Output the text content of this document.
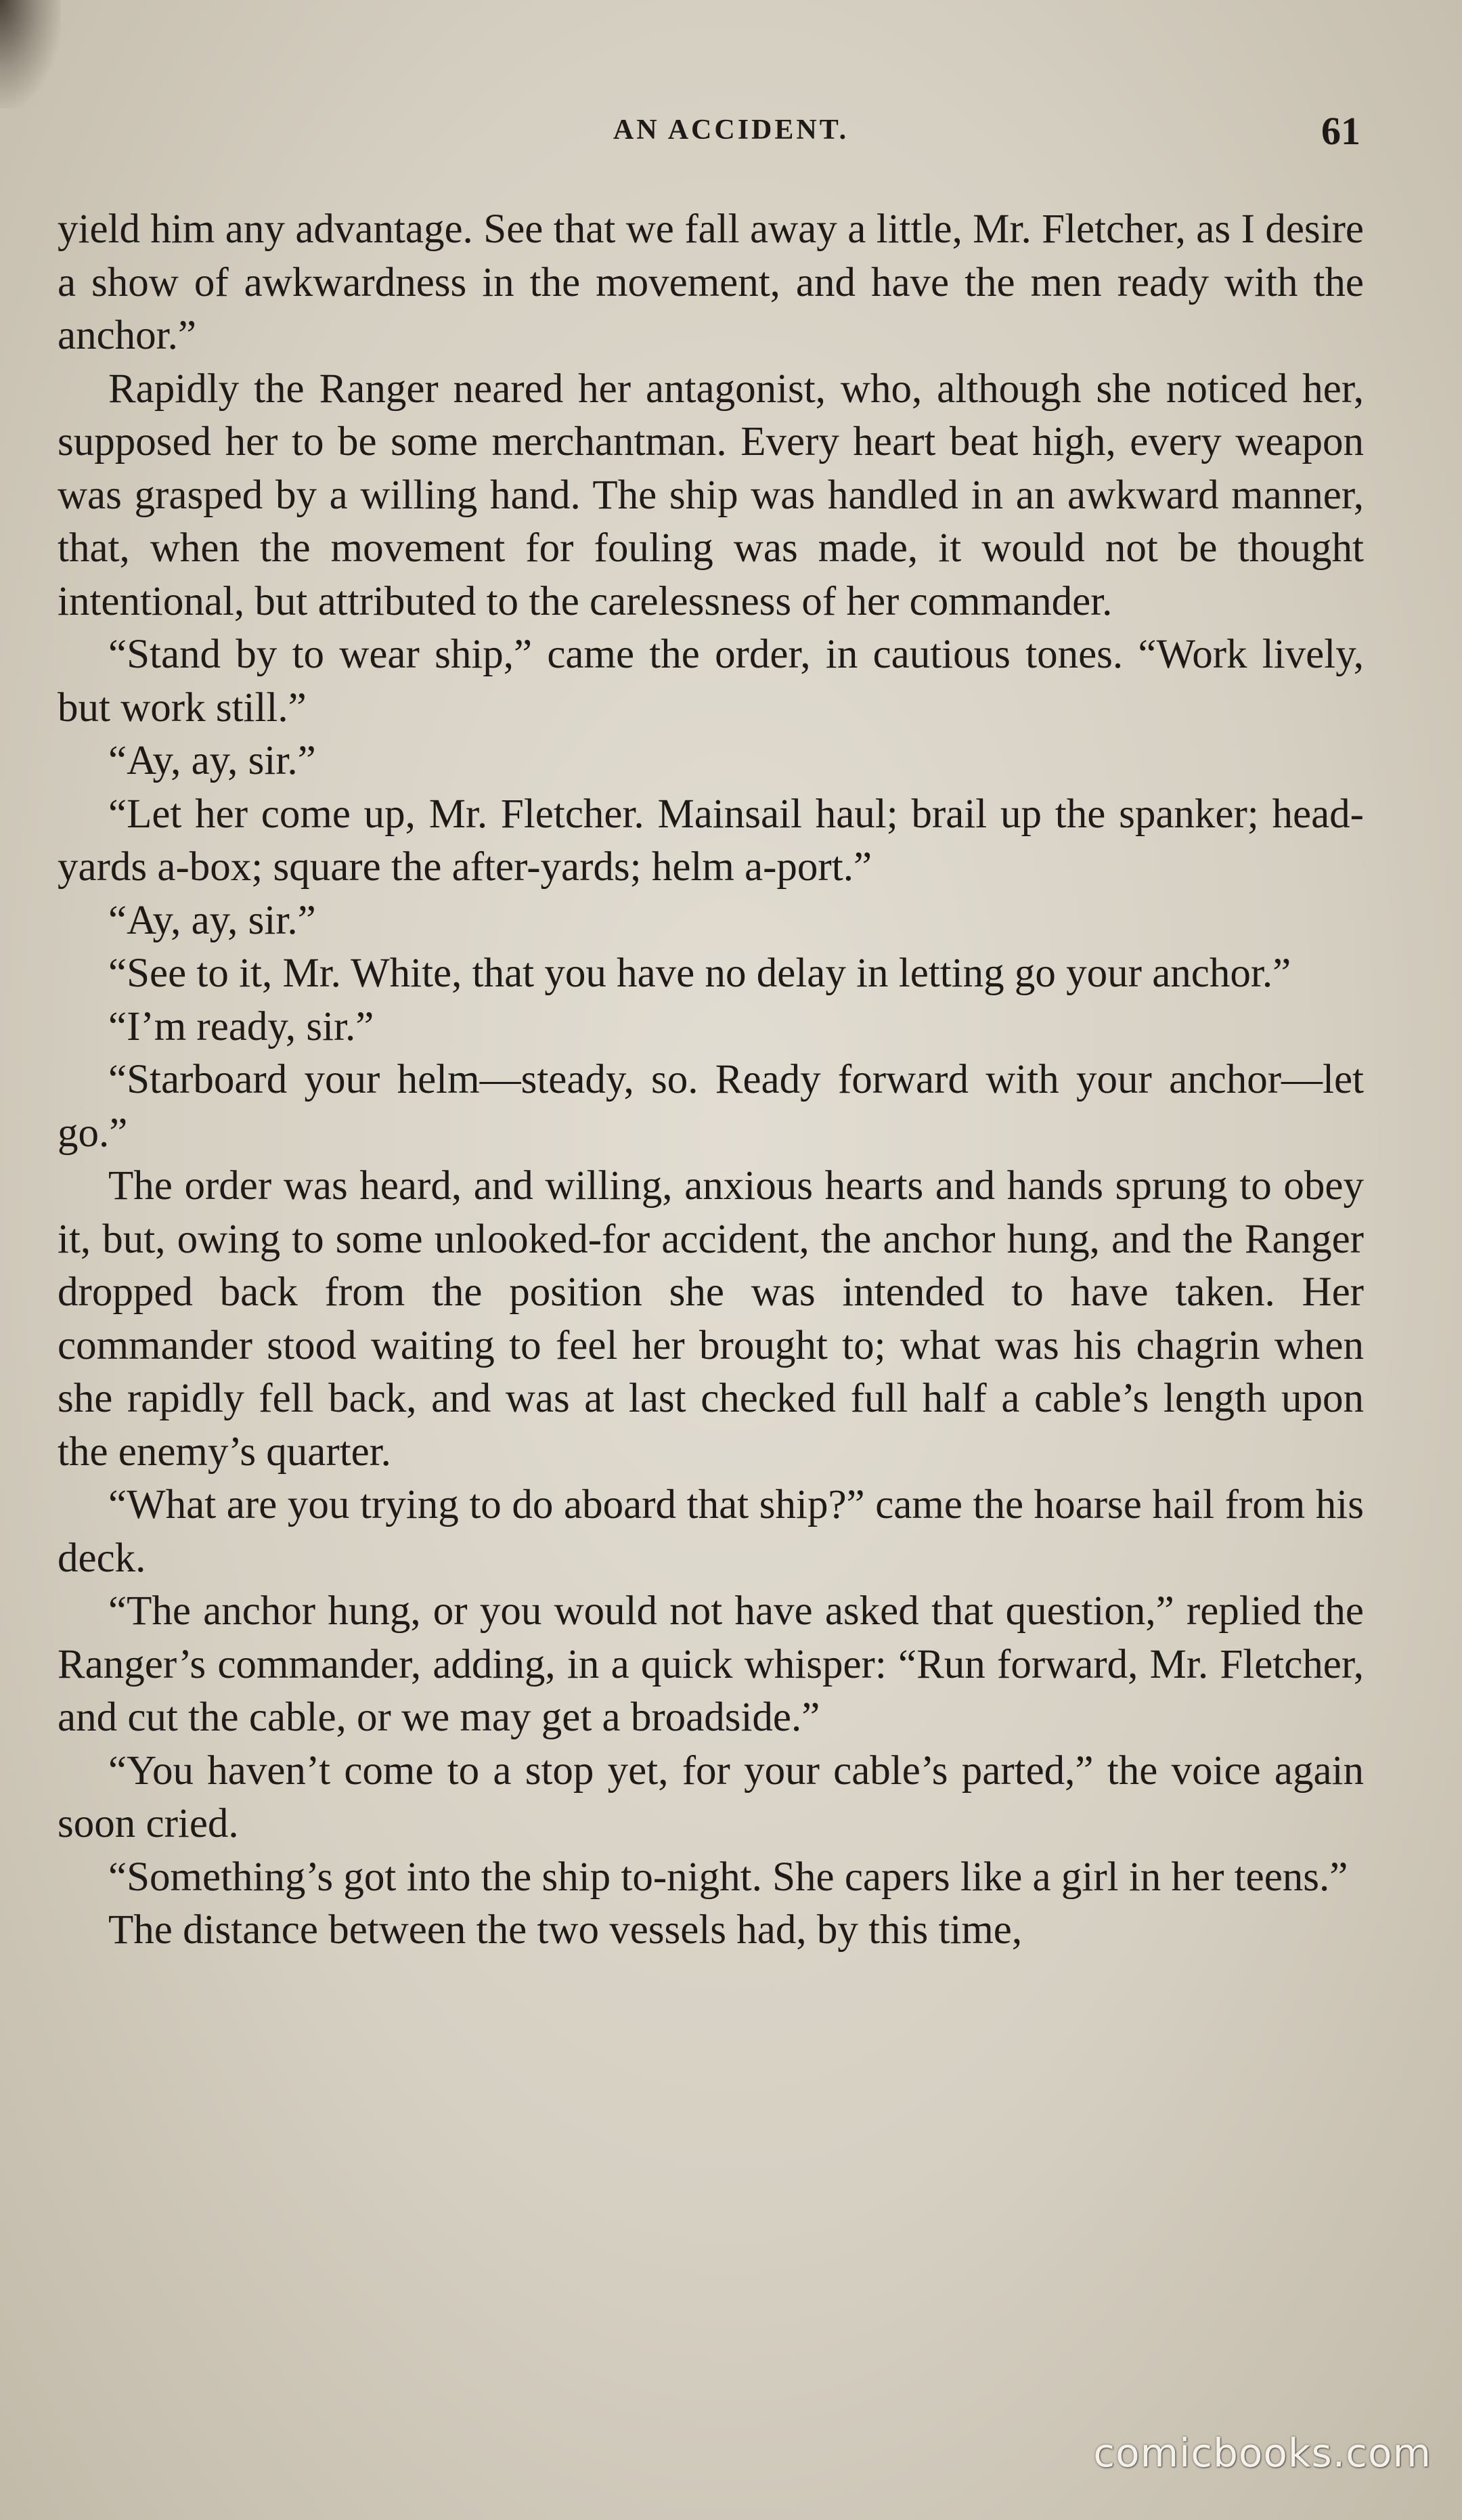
AN ACCIDENT.	61

yield him any advantage. See that we fall away a little, Mr. Fletcher, as I desire a show of awkwardness in the movement, and have the men ready with the anchor.”

Rapidly the Ranger neared her antagonist, who, although she noticed her, supposed her to be some merchantman. Every heart beat high, every weapon was grasped by a willing hand. The ship was handled in an awkward manner, that, when the movement for fouling was made, it would not be thought intentional, but attributed to the carelessness of her commander.

“Stand by to wear ship,” came the order, in cautious tones. “Work lively, but work still.”

“Ay, ay, sir.”

“Let her come up, Mr. Fletcher. Mainsail haul; brail up the spanker; head-yards a-box; square the after-yards; helm a-port.”

“Ay, ay, sir.”

“See to it, Mr. White, that you have no delay in letting go your anchor.”

“I’m ready, sir.”

“Starboard your helm—steady, so. Ready forward with your anchor—let go.”

The order was heard, and willing, anxious hearts and hands sprung to obey it, but, owing to some unlooked-for accident, the anchor hung, and the Ranger dropped back from the position she was intended to have taken. Her commander stood waiting to feel her brought to; what was his chagrin when she rapidly fell back, and was at last checked full half a cable’s length upon the enemy’s quarter.

“What are you trying to do aboard that ship?” came the hoarse hail from his deck.

“The anchor hung, or you would not have asked that question,” replied the Ranger’s commander, adding, in a quick whisper: “Run forward, Mr. Fletcher, and cut the cable, or we may get a broadside.”

“You haven’t come to a stop yet, for your cable’s parted,” the voice again soon cried.

“Something’s got into the ship to-night. She capers like a girl in her teens.”

The distance between the two vessels had, by this time,

comicbooks.com
